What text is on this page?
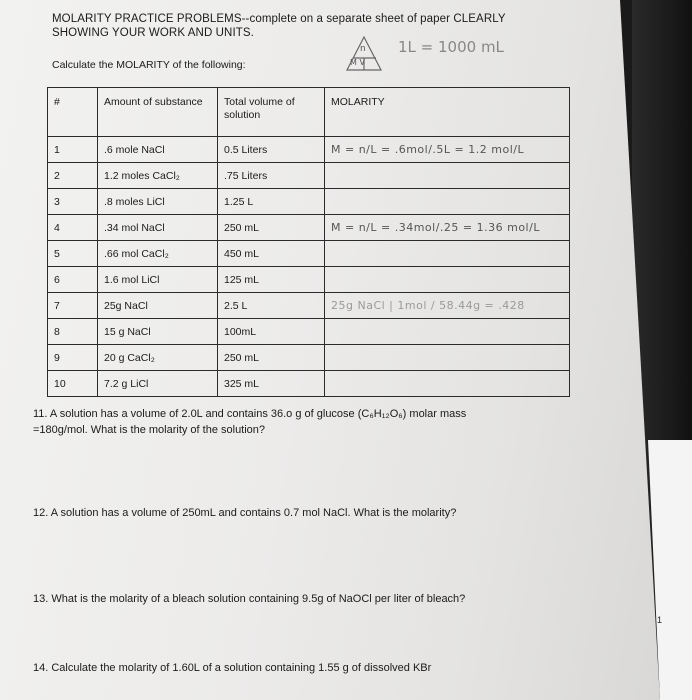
1
MOLARITY PRACTICE PROBLEMS--complete on a separate sheet of paper CLEARLY
SHOWING YOUR WORK AND UNITS.
Calculate the MOLARITY of the following:
n
M V
1L = 1000 mL
#	Amount of substance	Total volume of solution	MOLARITY
1	.6 mole NaCl	0.5 Liters	M = n/L = .6mol/.5L = 1.2 mol/L
2	1.2 moles CaCl₂	.75 Liters	
3	.8 moles LiCl	1.25 L	
4	.34 mol NaCl	250 mL	M = n/L = .34mol/.25 = 1.36 mol/L
5	.66 mol CaCl₂	450 mL	
6	1.6 mol LiCl	125 mL	
7	25g NaCl	2.5 L	25g NaCl | 1mol / 58.44g = .428
8	15 g NaCl	100mL	
9	20 g CaCl₂	250 mL	
10	7.2 g LiCl	325 mL	
11. A solution has a volume of 2.0L and contains 36.o g of glucose (C₆H₁₂O₆) molar mass
=180g/mol. What is the molarity of the solution?
12. A solution has a volume of 250mL and contains 0.7 mol NaCl. What is the molarity?
13. What is the molarity of a bleach solution containing 9.5g of NaOCl per liter of bleach?
14. Calculate the molarity of 1.60L of a solution containing 1.55 g of dissolved KBr
